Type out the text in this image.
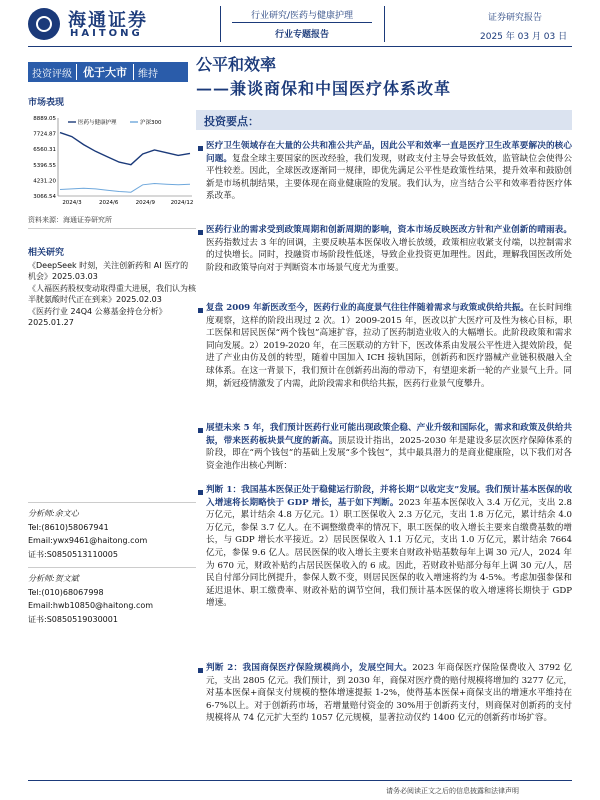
海通证券
HAITONG
行业研究/医药与健康护理
行业专题报告
证券研究报告
2025 年 03 月 03 日
投资评级	优于大市	维持 公平和效率
——兼谈商保和中国医疗体系改革
市场表现
8889.05
7724.87
6560.31
5396.55
4231.20
3066.54
2024/3	2024/6	2024/9	2024/12
医药与健康护理	沪深300
资料来源：海通证券研究所
相关研究
《DeepSeek 时刻，关注创新药和 AI 医疗的机会》2025.03.03
《人福医药股权变动取得重大进展，我们认为核半胱氨酸时代正在到来》2025.02.03
《医药行业 24Q4 公募基金持仓分析》2025.01.27
分析师:余文心
Tel:(8610)58067941
Email:ywx9461@haitong.com
证书:S0850513110005
分析师:贺文斌
Tel:(010)68067998
Email:hwb10850@haitong.com
证书:S0850519030001
投资要点：
医疗卫生领域存在大量的公共和准公共产品，因此公平和效率一直是医疗卫生改革要解决的核心问题。复盘全球主要国家的医改经验，我们发现，财政支付主导会导致低效，监管缺位会使得公平性较差。因此，全球医改逐渐同一规律，即优先满足公平性是政策性结果，提升效率和鼓励创新是市场机制结果，主要体现在商业健康险的发展。我们认为，应当结合公平和效率看待医疗体系改革。
医药行业的需求受到政策周期和创新周期的影响，资本市场反映医改方针和产业创新的晴雨表。医药指数过去 3 年的回调，主要反映基本医保收入增长放缓，政策相应收紧支付端，以控制需求的过快增长。同时，投融资市场阶段性低迷，导致企业投资更加理性。因此，理解我国医改所处阶段和政策导向对于判断资本市场景气度尤为重要。
复盘 2009 年新医改至今，医药行业的高度景气往往伴随着需求与政策或供给共振。在长时间维度观察，这样的阶段出现过 2 次。1）2009-2015 年，医改以扩大医疗可及性为核心目标，职工医保和居民医保“两个钱包”高速扩容，拉动了医药制造业收入的大幅增长。此阶段政策和需求同向发展。2）2019-2020 年，在三医联动的方针下，医改体系由发展公平性进入提效阶段，促进了产业由仿及创的转型，随着中国加入 ICH 接轨国际，创新药和医疗器械产业链积极融入全球体系。在这一背景下，我们预计在创新药出海的带动下，有望迎来新一轮的产业景气上升。同期，新冠疫情激发了内需，此阶段需求和供给共振，医药行业景气度攀升。
展望未来 5 年，我们预计医药行业可能出现政策企稳、产业升级和国际化，需求和政策及供给共振，带来医药板块景气度的新高。顶层设计指出，2025-2030 年是建设多层次医疗保障体系的阶段，即在“两个钱包”的基础上发展“多个钱包”，其中最具潜力的是商业健康险，以下我们对各资金池作出核心判断：
判断 1：我国基本医保正处于稳健运行阶段，并将长期“以收定支”发展。我们预计基本医保的收入增速将长期略快于 GDP 增长，基于如下判断。2023 年基本医保收入 3.4 万亿元，支出 2.8 万亿元，累计结余 4.8 万亿元。1）职工医保收入 2.3 万亿元，支出 1.8 万亿元，累计结余 4.0 万亿元，参保 3.7 亿人。在不调整缴费率的情况下，职工医保的收入增长主要来自缴费基数的增长，与 GDP 增长水平接近。2）居民医保收入 1.1 万亿元，支出 1.0 万亿元，累计结余 7664 亿元，参保 9.6 亿人。居民医保的收入增长主要来自财政补贴基数每年上调 30 元/人，2024 年为 670 元，财政补贴约占居民医保收入的 6 成。因此，若财政补贴部分每年上调 30 元/人，居民自付部分同比例提升，参保人数不变，则居民医保的收入增速将约为 4-5%。考虑加强参保和延迟退休、职工缴费率、财政补贴的调节空间，我们预计基本医保的收入增速将长期快于 GDP 增速。
判断 2：我国商保医疗保险规模尚小，发展空间大。2023 年商保医疗保险保费收入 3792 亿元，支出 2805 亿元。我们预计，到 2030 年，商保对医疗费的赔付规模将增加约 3277 亿元，对基本医保+商保支付规模的整体增速提振 1-2%，使得基本医保+商保支出的增速水平维持在 6-7%以上。对于创新药市场，若增量赔付资金的 30%用于创新药支付，则商保对创新药的支付规模将从 74 亿元扩大至约 1057 亿元规模，显著拉动仅约 1400 亿元的创新药市场扩容。
请务必阅读正文之后的信息披露和法律声明
